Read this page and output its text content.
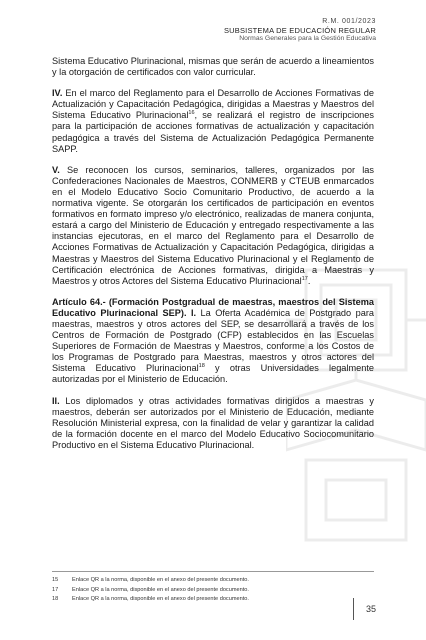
R.M. 001/2023
SUBSISTEMA DE EDUCACIÓN REGULAR
Normas Generales para la Gestión Educativa

Sistema Educativo Plurinacional, mismas que serán de acuerdo a lineamientos y la otorgación de certificados con valor curricular.

IV. En el marco del Reglamento para el Desarrollo de Acciones Formativas de Actualización y Capacitación Pedagógica, dirigidas a Maestras y Maestros del Sistema Educativo Plurinacional$^{16}$, se realizará el registro de inscripciones para la participación de acciones formativas de actualización y capacitación pedagógica a través del Sistema de Actualización Pedagógica Permanente SAPP.

V. Se reconocen los cursos, seminarios, talleres, organizados por las Confederaciones Nacionales de Maestros, CONMERB y CTEUB enmarcados en el Modelo Educativo Socio Comunitario Productivo, de acuerdo a la normativa vigente. Se otorgarán los certificados de participación en eventos formativos en formato impreso y/o electrónico, realizadas de manera conjunta, estará a cargo del Ministerio de Educación y entregado respectivamente a las instancias ejecutoras, en el marco del Reglamento para el Desarrollo de Acciones Formativas de Actualización y Capacitación Pedagógica, dirigidas a Maestras y Maestros del Sistema Educativo Plurinacional y el Reglamento de Certificación electrónica de Acciones formativas, dirigida a Maestras y Maestros y otros Actores del Sistema Educativo Plurinacional$^{17}$.

Artículo 64.- (Formación Postgradual de maestras, maestros del Sistema Educativo Plurinacional SEP). I. La Oferta Académica de Postgrado para maestras, maestros y otros actores del SEP, se desarrollará a través de los Centros de Formación de Postgrado (CFP) establecidos en las Escuelas Superiores de Formación de Maestras y Maestros, conforme a los Costos de los Programas de Postgrado para Maestras, maestros y otros actores del Sistema Educativo Plurinacional$^{18}$ y otras Universidades legalmente autorizadas por el Ministerio de Educación.

II. Los diplomados y otras actividades formativas dirigidos a maestras y maestros, deberán ser autorizados por el Ministerio de Educación, mediante Resolución Ministerial expresa, con la finalidad de velar y garantizar la calidad de la formación docente en el marco del Modelo Educativo Sociocomunitario Productivo en el Sistema Educativo Plurinacional.

15 Enlace QR a la norma, disponible en el anexo del presente documento.
17 Enlace QR a la norma, disponible en el anexo del presente documento.
18 Enlace QR a la norma, disponible en el anexo del presente documento.
35
